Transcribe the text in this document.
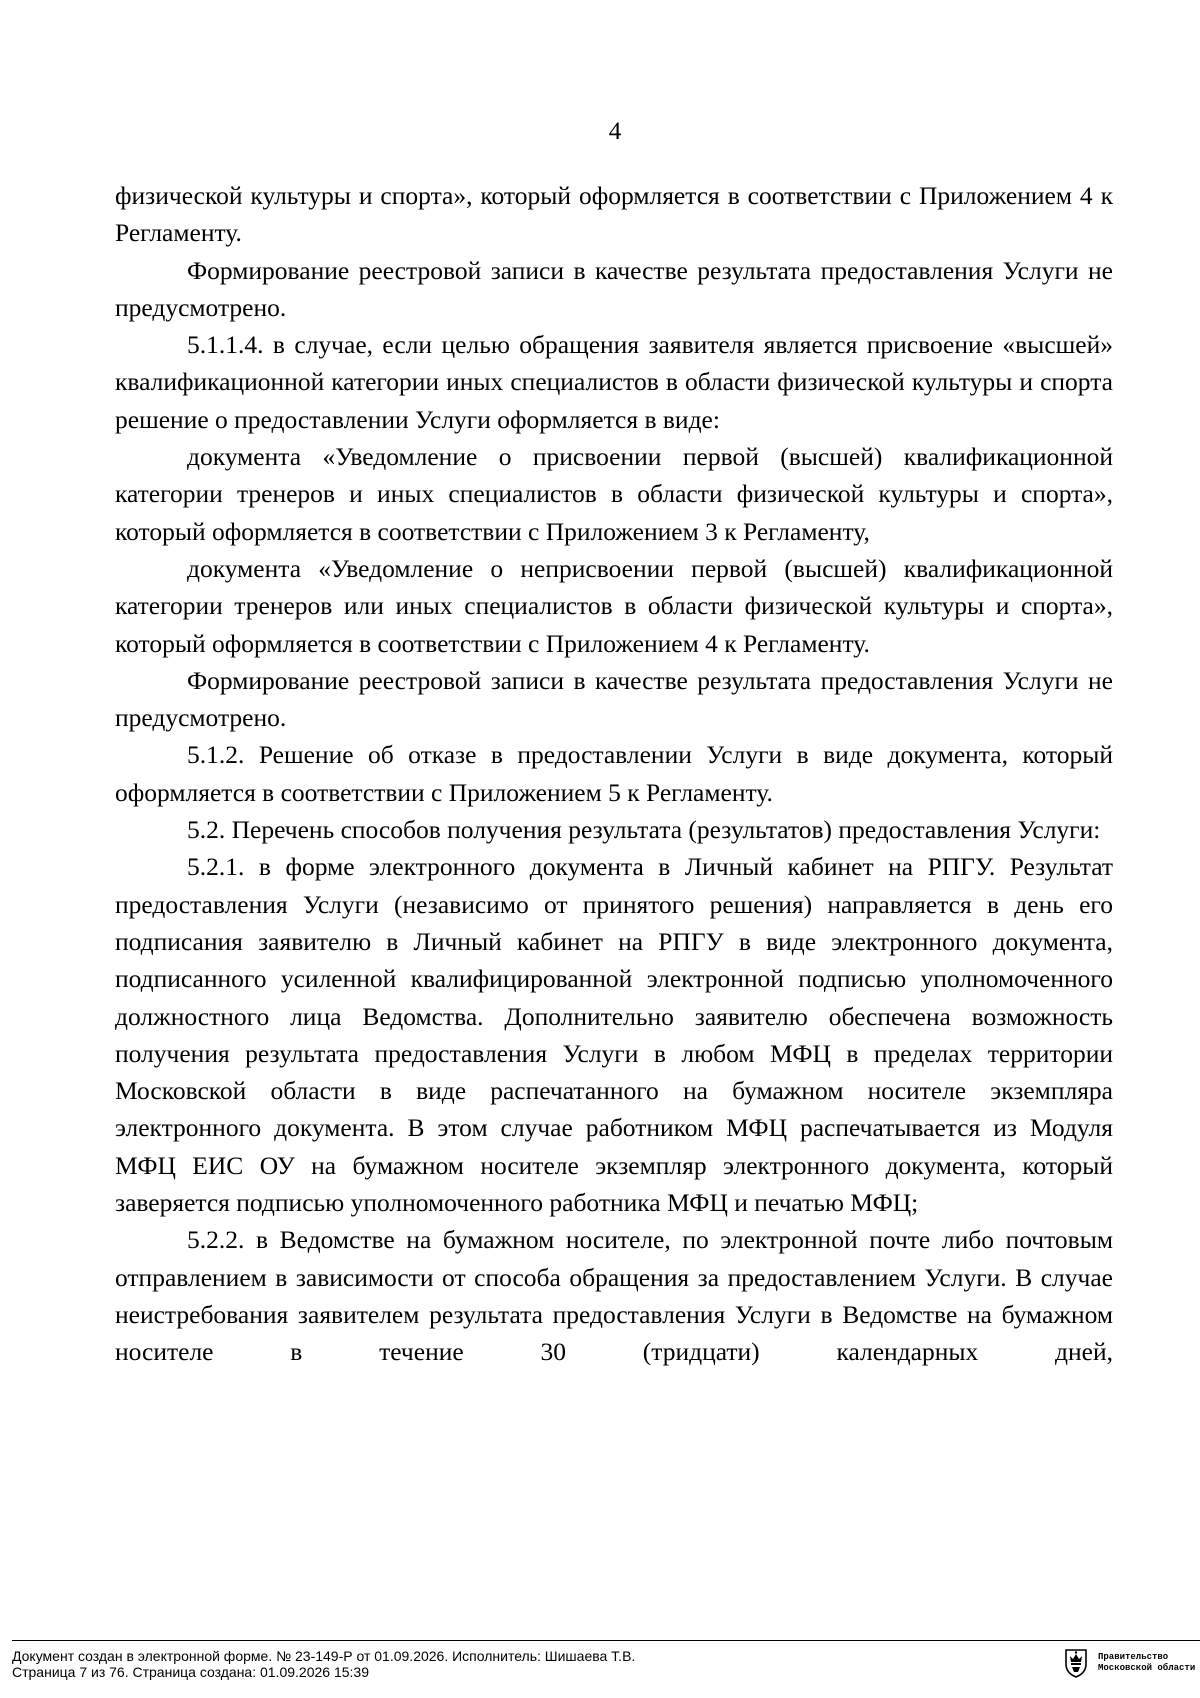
4

физической культуры и спорта», который оформляется в соответствии с Приложением 4 к Регламенту.

Формирование реестровой записи в качестве результата предоставления Услуги не предусмотрено.

5.1.1.4. в случае, если целью обращения заявителя является присвоение «высшей» квалификационной категории иных специалистов в области физической культуры и спорта решение о предоставлении Услуги оформляется в виде:

документа «Уведомление о присвоении первой (высшей) квалификационной категории тренеров и иных специалистов в области физической культуры и спорта», который оформляется в соответствии с Приложением 3 к Регламенту,

документа «Уведомление о неприсвоении первой (высшей) квалификационной категории тренеров или иных специалистов в области физической культуры и спорта», который оформляется в соответствии с Приложением 4 к Регламенту.

Формирование реестровой записи в качестве результата предоставления Услуги не предусмотрено.

5.1.2. Решение об отказе в предоставлении Услуги в виде документа, который оформляется в соответствии с Приложением 5 к Регламенту.

5.2. Перечень способов получения результата (результатов) предоставления Услуги:

5.2.1. в форме электронного документа в Личный кабинет на РПГУ. Результат предоставления Услуги (независимо от принятого решения) направляется в день его подписания заявителю в Личный кабинет на РПГУ в виде электронного документа, подписанного усиленной квалифицированной электронной подписью уполномоченного должностного лица Ведомства. Дополнительно заявителю обеспечена возможность получения результата предоставления Услуги в любом МФЦ в пределах территории Московской области в виде распечатанного на бумажном носителе экземпляра электронного документа. В этом случае работником МФЦ распечатывается из Модуля МФЦ ЕИС ОУ на бумажном носителе экземпляр электронного документа, который заверяется подписью уполномоченного работника МФЦ и печатью МФЦ;

5.2.2. в Ведомстве на бумажном носителе, по электронной почте либо почтовым отправлением в зависимости от способа обращения за предоставлением Услуги. В случае неистребования заявителем результата предоставления Услуги в Ведомстве на бумажном носителе в течение 30 (тридцати) календарных дней,

Документ создан в электронной форме. № 23-149-Р от 01.09.2026. Исполнитель: Шишаева Т.В.
Страница 7 из 76. Страница создана: 01.09.2026 15:39
Правительство
Московской области
